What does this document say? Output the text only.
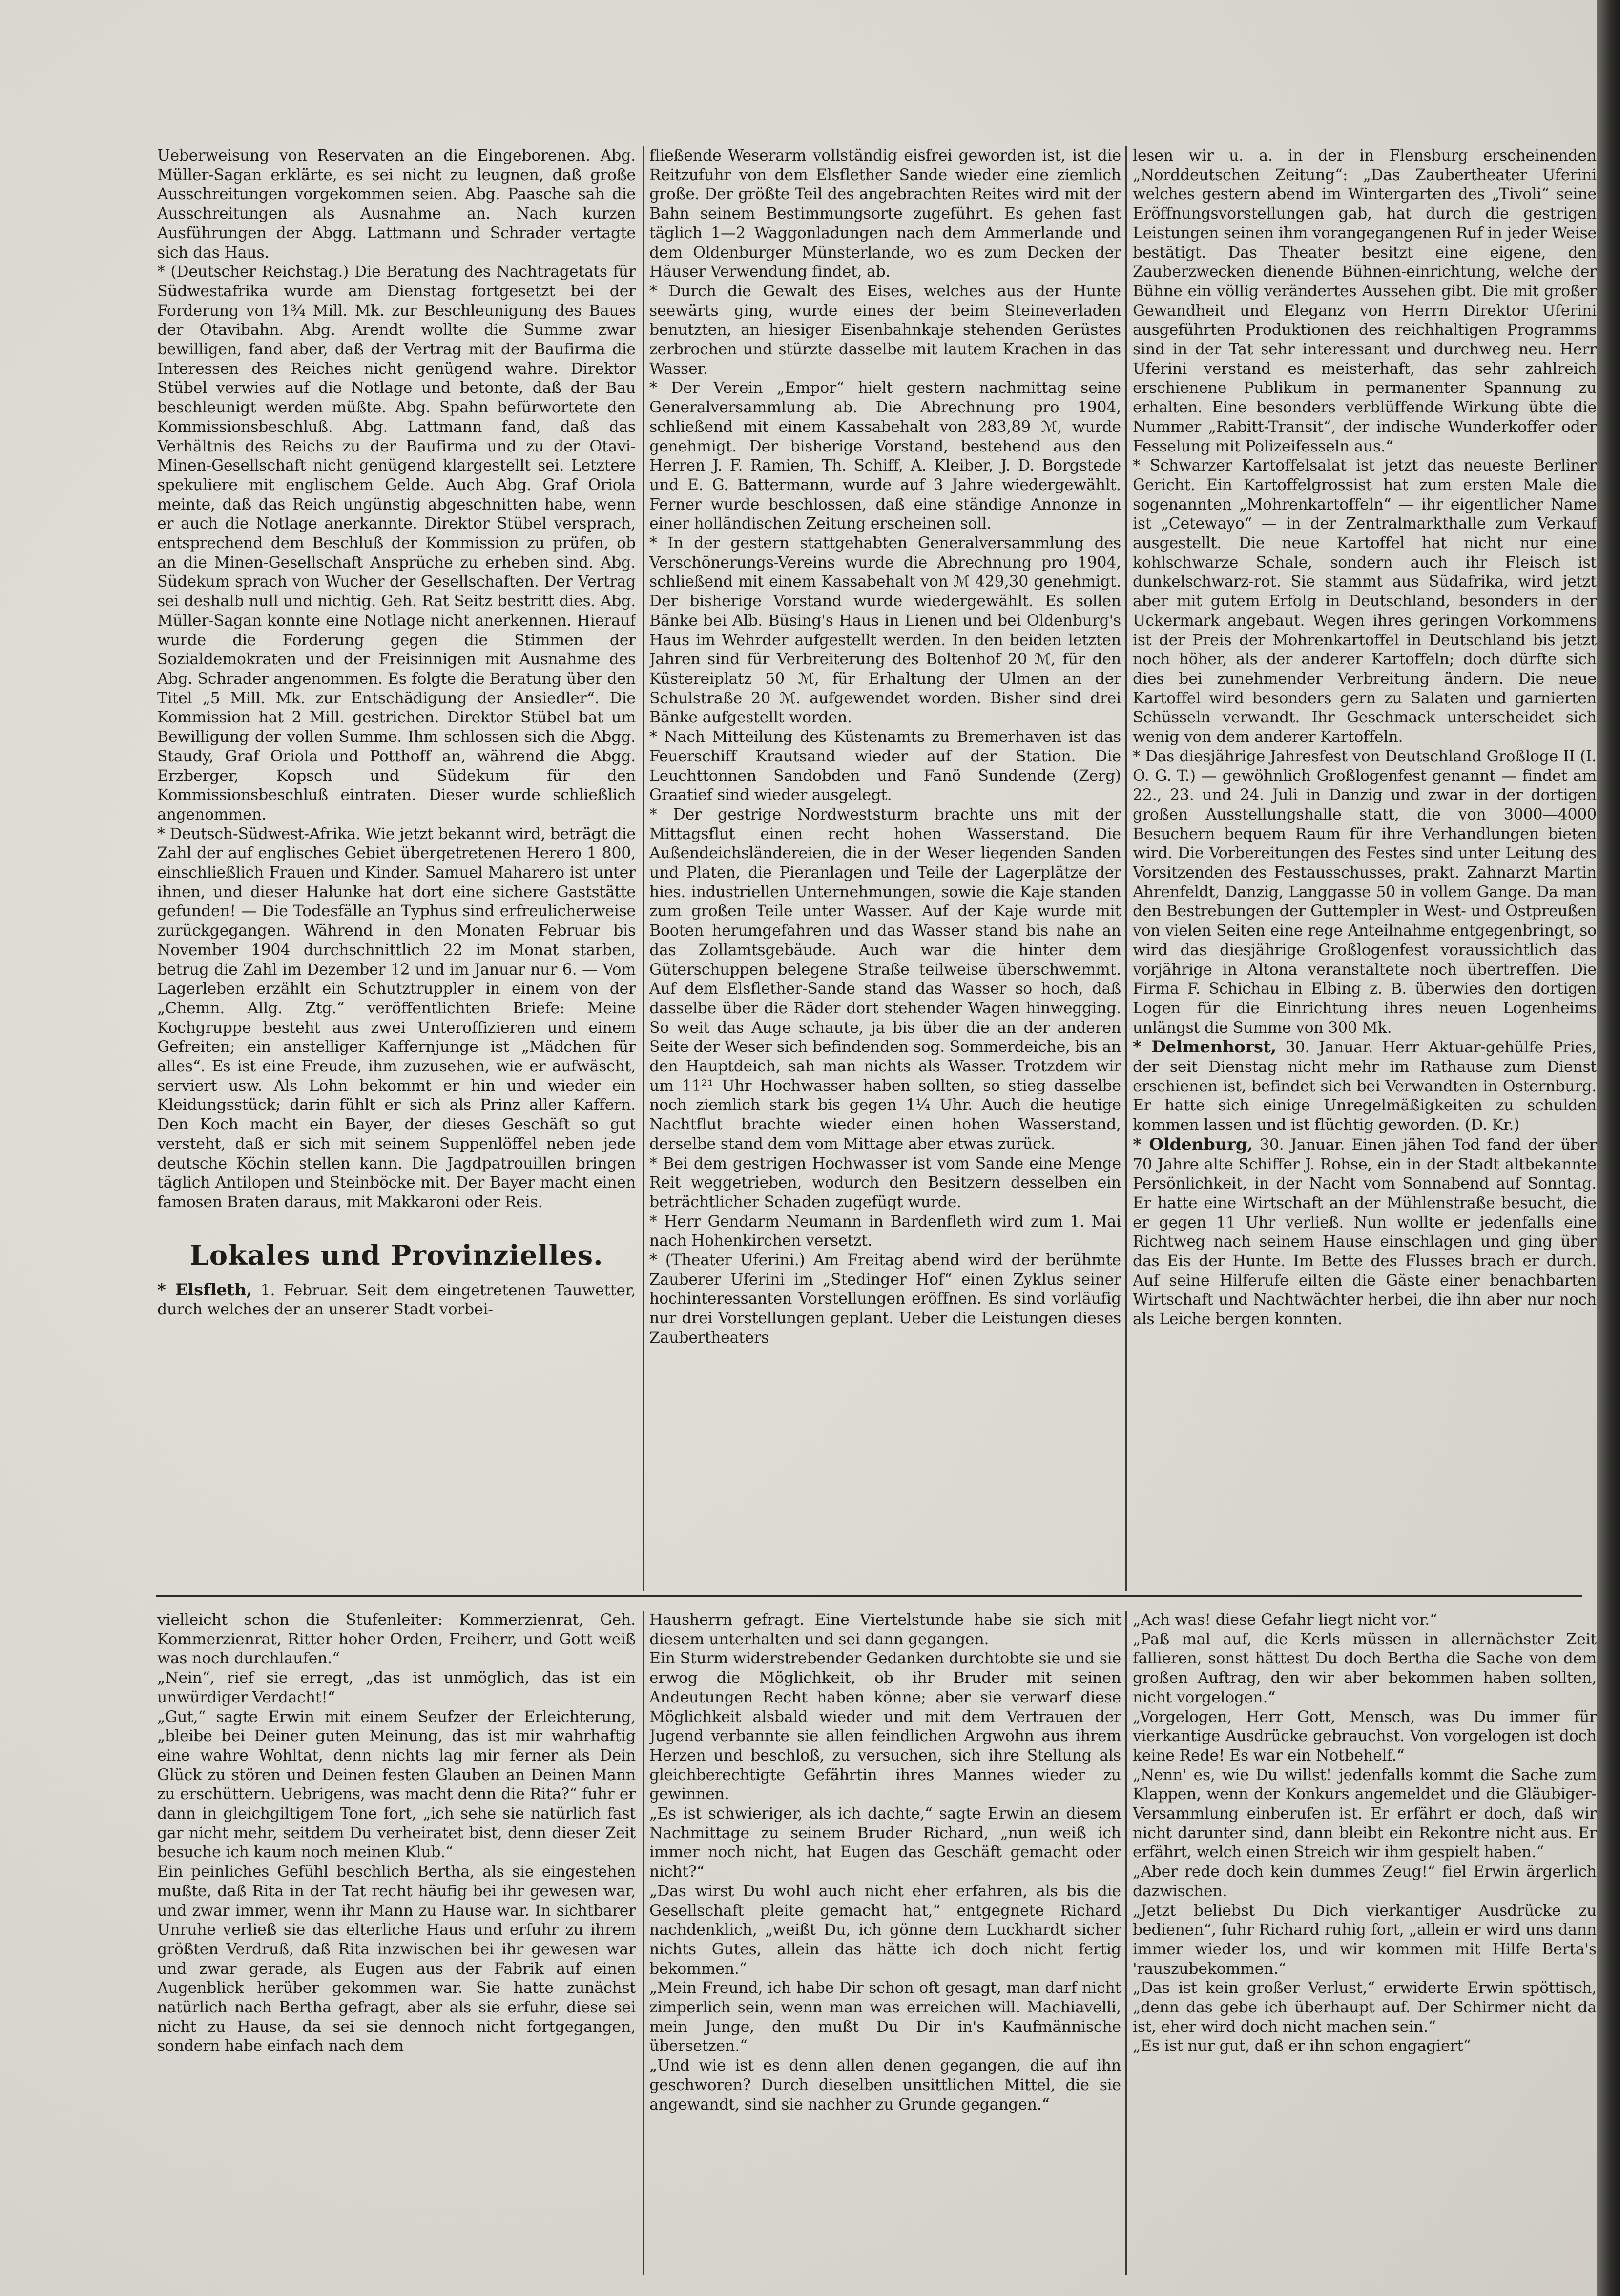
Ueberweisung von Reservaten an die Eingeborenen. Abg. Müller-Sagan erklärte, es sei nicht zu leugnen, daß große Ausschreitungen vorgekommen seien. Abg. Paasche sah die Ausschreitungen als Ausnahme an. Nach kurzen Ausführungen der Abgg. Lattmann und Schrader vertagte sich das Haus.

* (Deutscher Reichstag.) Die Beratung des Nachtragetats für Südwestafrika wurde am Dienstag fortgesetzt bei der Forderung von 1¾ Mill. Mk. zur Beschleunigung des Baues der Otavibahn. Abg. Arendt wollte die Summe zwar bewilligen, fand aber, daß der Vertrag mit der Baufirma die Interessen des Reiches nicht genügend wahre. Direktor Stübel verwies auf die Notlage und betonte, daß der Bau beschleunigt werden müßte. Abg. Spahn befürwortete den Kommissionsbeschluß. Abg. Lattmann fand, daß das Verhältnis des Reichs zu der Baufirma und zu der Otavi-Minen-Gesellschaft nicht genügend klargestellt sei. Letztere spekuliere mit englischem Gelde. Auch Abg. Graf Oriola meinte, daß das Reich ungünstig abgeschnitten habe, wenn er auch die Notlage anerkannte. Direktor Stübel versprach, entsprechend dem Beschluß der Kommission zu prüfen, ob an die Minen-Gesellschaft Ansprüche zu erheben sind. Abg. Südekum sprach von Wucher der Gesellschaften. Der Vertrag sei deshalb null und nichtig. Geh. Rat Seitz bestritt dies. Abg. Müller-Sagan konnte eine Notlage nicht anerkennen. Hierauf wurde die Forderung gegen die Stimmen der Sozialdemokraten und der Freisinnigen mit Ausnahme des Abg. Schrader angenommen. Es folgte die Beratung über den Titel „5 Mill. Mk. zur Entschädigung der Ansiedler“. Die Kommission hat 2 Mill. gestrichen. Direktor Stübel bat um Bewilligung der vollen Summe. Ihm schlossen sich die Abgg. Staudy, Graf Oriola und Potthoff an, während die Abgg. Erzberger, Kopsch und Südekum für den Kommissionsbeschluß eintraten. Dieser wurde schließlich angenommen.

* Deutsch-Südwest-Afrika. Wie jetzt bekannt wird, beträgt die Zahl der auf englisches Gebiet übergetretenen Herero 1 800, einschließlich Frauen und Kinder. Samuel Maharero ist unter ihnen, und dieser Halunke hat dort eine sichere Gaststätte gefunden! — Die Todesfälle an Typhus sind erfreulicherweise zurückgegangen. Während in den Monaten Februar bis November 1904 durchschnittlich 22 im Monat starben, betrug die Zahl im Dezember 12 und im Januar nur 6. — Vom Lagerleben erzählt ein Schutztruppler in einem von der „Chemn. Allg. Ztg.“ veröffentlichten Briefe: Meine Kochgruppe besteht aus zwei Unteroffizieren und einem Gefreiten; ein anstelliger Kaffernjunge ist „Mädchen für alles“. Es ist eine Freude, ihm zuzusehen, wie er aufwäscht, serviert usw. Als Lohn bekommt er hin und wieder ein Kleidungsstück; darin fühlt er sich als Prinz aller Kaffern. Den Koch macht ein Bayer, der dieses Geschäft so gut versteht, daß er sich mit seinem Suppenlöffel neben jede deutsche Köchin stellen kann. Die Jagdpatrouillen bringen täglich Antilopen und Steinböcke mit. Der Bayer macht einen famosen Braten daraus, mit Makkaroni oder Reis.

Lokales und Provinzielles.

* Elsfleth, 1. Februar. Seit dem eingetretenen Tauwetter, durch welches der an unserer Stadt vorbei-

fließende Weserarm vollständig eisfrei geworden ist, ist die Reitzufuhr von dem Elsflether Sande wieder eine ziemlich große. Der größte Teil des angebrachten Reites wird mit der Bahn seinem Bestimmungsorte zugeführt. Es gehen fast täglich 1—2 Waggonladungen nach dem Ammerlande und dem Oldenburger Münsterlande, wo es zum Decken der Häuser Verwendung findet, ab.

* Durch die Gewalt des Eises, welches aus der Hunte seewärts ging, wurde eines der beim Steineverladen benutzten, an hiesiger Eisenbahnkaje stehenden Gerüstes zerbrochen und stürzte dasselbe mit lautem Krachen in das Wasser.

* Der Verein „Empor“ hielt gestern nachmittag seine Generalversammlung ab. Die Abrechnung pro 1904, schließend mit einem Kassabehalt von 283,89 ℳ, wurde genehmigt. Der bisherige Vorstand, bestehend aus den Herren J. F. Ramien, Th. Schiff, A. Kleiber, J. D. Borgstede und E. G. Battermann, wurde auf 3 Jahre wiedergewählt. Ferner wurde beschlossen, daß eine ständige Annonze in einer holländischen Zeitung erscheinen soll.

* In der gestern stattgehabten Generalversammlung des Verschönerungs-Vereins wurde die Abrechnung pro 1904, schließend mit einem Kassabehalt von ℳ 429,30 genehmigt. Der bisherige Vorstand wurde wiedergewählt. Es sollen Bänke bei Alb. Büsing's Haus in Lienen und bei Oldenburg's Haus im Wehrder aufgestellt werden. In den beiden letzten Jahren sind für Verbreiterung des Boltenhof 20 ℳ, für den Küstereiplatz 50 ℳ, für Erhaltung der Ulmen an der Schulstraße 20 ℳ. aufgewendet worden. Bisher sind drei Bänke aufgestellt worden.

* Nach Mitteilung des Küstenamts zu Bremerhaven ist das Feuerschiff Krautsand wieder auf der Station. Die Leuchttonnen Sandobden und Fanö Sundende (Zerg) Graatief sind wieder ausgelegt.

* Der gestrige Nordweststurm brachte uns mit der Mittagsflut einen recht hohen Wasserstand. Die Außendeichsländereien, die in der Weser liegenden Sanden und Platen, die Pieranlagen und Teile der Lagerplätze der hies. industriellen Unternehmungen, sowie die Kaje standen zum großen Teile unter Wasser. Auf der Kaje wurde mit Booten herumgefahren und das Wasser stand bis nahe an das Zollamtsgebäude. Auch war die hinter dem Güterschuppen belegene Straße teilweise überschwemmt. Auf dem Elsflether-Sande stand das Wasser so hoch, daß dasselbe über die Räder dort stehender Wagen hinwegging. So weit das Auge schaute, ja bis über die an der anderen Seite der Weser sich befindenden sog. Sommerdeiche, bis an den Hauptdeich, sah man nichts als Wasser. Trotzdem wir um 11²¹ Uhr Hochwasser haben sollten, so stieg dasselbe noch ziemlich stark bis gegen 1¼ Uhr. Auch die heutige Nachtflut brachte wieder einen hohen Wasserstand, derselbe stand dem vom Mittage aber etwas zurück.

* Bei dem gestrigen Hochwasser ist vom Sande eine Menge Reit weggetrieben, wodurch den Besitzern desselben ein beträchtlicher Schaden zugefügt wurde.

* Herr Gendarm Neumann in Bardenfleth wird zum 1. Mai nach Hohenkirchen versetzt.

* (Theater Uferini.) Am Freitag abend wird der berühmte Zauberer Uferini im „Stedinger Hof“ einen Zyklus seiner hochinteressanten Vorstellungen eröffnen. Es sind vorläufig nur drei Vorstellungen geplant. Ueber die Leistungen dieses Zaubertheaters

lesen wir u. a. in der in Flensburg erscheinenden „Norddeutschen Zeitung“: „Das Zaubertheater Uferini welches gestern abend im Wintergarten des „Tivoli“ seine Eröffnungsvorstellungen gab, hat durch die gestrigen Leistungen seinen ihm vorangegangenen Ruf in jeder Weise bestätigt. Das Theater besitzt eine eigene, den Zauberzwecken dienende Bühnen-einrichtung, welche der Bühne ein völlig verändertes Aussehen gibt. Die mit großer Gewandheit und Eleganz von Herrn Direktor Uferini ausgeführten Produktionen des reichhaltigen Programms sind in der Tat sehr interessant und durchweg neu. Herr Uferini verstand es meisterhaft, das sehr zahlreich erschienene Publikum in permanenter Spannung zu erhalten. Eine besonders verblüffende Wirkung übte die Nummer „Rabitt-Transit“, der indische Wunderkoffer oder Fesselung mit Polizeifesseln aus.“

* Schwarzer Kartoffelsalat ist jetzt das neueste Berliner Gericht. Ein Kartoffelgrossist hat zum ersten Male die sogenannten „Mohrenkartoffeln“ — ihr eigentlicher Name ist „Cetewayo“ — in der Zentralmarkthalle zum Verkauf ausgestellt. Die neue Kartoffel hat nicht nur eine kohlschwarze Schale, sondern auch ihr Fleisch ist dunkelschwarz-rot. Sie stammt aus Südafrika, wird jetzt aber mit gutem Erfolg in Deutschland, besonders in der Uckermark angebaut. Wegen ihres geringen Vorkommens ist der Preis der Mohrenkartoffel in Deutschland bis jetzt noch höher, als der anderer Kartoffeln; doch dürfte sich dies bei zunehmender Verbreitung ändern. Die neue Kartoffel wird besonders gern zu Salaten und garnierten Schüsseln verwandt. Ihr Geschmack unterscheidet sich wenig von dem anderer Kartoffeln.

* Das diesjährige Jahresfest von Deutschland Großloge II (I. O. G. T.) — gewöhnlich Großlogenfest genannt — findet am 22., 23. und 24. Juli in Danzig und zwar in der dortigen großen Ausstellungshalle statt, die von 3000—4000 Besuchern bequem Raum für ihre Verhandlungen bieten wird. Die Vorbereitungen des Festes sind unter Leitung des Vorsitzenden des Festausschusses, prakt. Zahnarzt Martin Ahrenfeldt, Danzig, Langgasse 50 in vollem Gange. Da man den Bestrebungen der Guttempler in West- und Ostpreußen von vielen Seiten eine rege Anteilnahme entgegenbringt, so wird das diesjährige Großlogenfest voraussichtlich das vorjährige in Altona veranstaltete noch übertreffen. Die Firma F. Schichau in Elbing z. B. überwies den dortigen Logen für die Einrichtung ihres neuen Logenheims unlängst die Summe von 300 Mk.

* Delmenhorst, 30. Januar. Herr Aktuar-gehülfe Pries, der seit Dienstag nicht mehr im Rathause zum Dienst erschienen ist, befindet sich bei Verwandten in Osternburg. Er hatte sich einige Unregelmäßigkeiten zu schulden kommen lassen und ist flüchtig geworden. (D. Kr.)

* Oldenburg, 30. Januar. Einen jähen Tod fand der über 70 Jahre alte Schiffer J. Rohse, ein in der Stadt altbekannte Persönlichkeit, in der Nacht vom Sonnabend auf Sonntag. Er hatte eine Wirtschaft an der Mühlenstraße besucht, die er gegen 11 Uhr verließ. Nun wollte er jedenfalls eine Richtweg nach seinem Hause einschlagen und ging über das Eis der Hunte. Im Bette des Flusses brach er durch. Auf seine Hilferufe eilten die Gäste einer benachbarten Wirtschaft und Nachtwächter herbei, die ihn aber nur noch als Leiche bergen konnten.

vielleicht schon die Stufenleiter: Kommerzienrat, Geh. Kommerzienrat, Ritter hoher Orden, Freiherr, und Gott weiß was noch durchlaufen.“

„Nein“, rief sie erregt, „das ist unmöglich, das ist ein unwürdiger Verdacht!“

„Gut,“ sagte Erwin mit einem Seufzer der Erleichterung, „bleibe bei Deiner guten Meinung, das ist mir wahrhaftig eine wahre Wohltat, denn nichts lag mir ferner als Dein Glück zu stören und Deinen festen Glauben an Deinen Mann zu erschüttern. Uebrigens, was macht denn die Rita?“ fuhr er dann in gleichgiltigem Tone fort, „ich sehe sie natürlich fast gar nicht mehr, seitdem Du verheiratet bist, denn dieser Zeit besuche ich kaum noch meinen Klub.“

Ein peinliches Gefühl beschlich Bertha, als sie eingestehen mußte, daß Rita in der Tat recht häufig bei ihr gewesen war, und zwar immer, wenn ihr Mann zu Hause war. In sichtbarer Unruhe verließ sie das elterliche Haus und erfuhr zu ihrem größten Verdruß, daß Rita inzwischen bei ihr gewesen war und zwar gerade, als Eugen aus der Fabrik auf einen Augenblick herüber gekommen war. Sie hatte zunächst natürlich nach Bertha gefragt, aber als sie erfuhr, diese sei nicht zu Hause, da sei sie dennoch nicht fortgegangen, sondern habe einfach nach dem

Hausherrn gefragt. Eine Viertelstunde habe sie sich mit diesem unterhalten und sei dann gegangen.

Ein Sturm widerstrebender Gedanken durchtobte sie und sie erwog die Möglichkeit, ob ihr Bruder mit seinen Andeutungen Recht haben könne; aber sie verwarf diese Möglichkeit alsbald wieder und mit dem Vertrauen der Jugend verbannte sie allen feindlichen Argwohn aus ihrem Herzen und beschloß, zu versuchen, sich ihre Stellung als gleichberechtigte Gefährtin ihres Mannes wieder zu gewinnen.

„Es ist schwieriger, als ich dachte,“ sagte Erwin an diesem Nachmittage zu seinem Bruder Richard, „nun weiß ich immer noch nicht, hat Eugen das Geschäft gemacht oder nicht?“

„Das wirst Du wohl auch nicht eher erfahren, als bis die Gesellschaft pleite gemacht hat,“ entgegnete Richard nachdenklich, „weißt Du, ich gönne dem Luckhardt sicher nichts Gutes, allein das hätte ich doch nicht fertig bekommen.“

„Mein Freund, ich habe Dir schon oft gesagt, man darf nicht zimperlich sein, wenn man was erreichen will. Machiavelli, mein Junge, den mußt Du Dir in's Kaufmännische übersetzen.“

„Und wie ist es denn allen denen gegangen, die auf ihn geschworen? Durch dieselben unsittlichen Mittel, die sie angewandt, sind sie nachher zu Grunde gegangen.“

„Ach was! diese Gefahr liegt nicht vor.“

„Paß mal auf, die Kerls müssen in allernächster Zeit fallieren, sonst hättest Du doch Bertha die Sache von dem großen Auftrag, den wir aber bekommen haben sollten, nicht vorgelogen.“

„Vorgelogen, Herr Gott, Mensch, was Du immer für vierkantige Ausdrücke gebrauchst. Von vorgelogen ist doch keine Rede! Es war ein Notbehelf.“

„Nenn' es, wie Du willst! jedenfalls kommt die Sache zum Klappen, wenn der Konkurs angemeldet und die Gläubiger-Versammlung einberufen ist. Er erfährt er doch, daß wir nicht darunter sind, dann bleibt ein Rekontre nicht aus. Er erfährt, welch einen Streich wir ihm gespielt haben.“

„Aber rede doch kein dummes Zeug!“ fiel Erwin ärgerlich dazwischen.

„Jetzt beliebst Du Dich vierkantiger Ausdrücke zu bedienen“, fuhr Richard ruhig fort, „allein er wird uns dann immer wieder los, und wir kommen mit Hilfe Berta's 'rauszubekommen.“

„Das ist kein großer Verlust,“ erwiderte Erwin spöttisch, „denn das gebe ich überhaupt auf. Der Schirmer nicht da ist, eher wird doch nicht machen sein.“

„Es ist nur gut, daß er ihn schon engagiert“
